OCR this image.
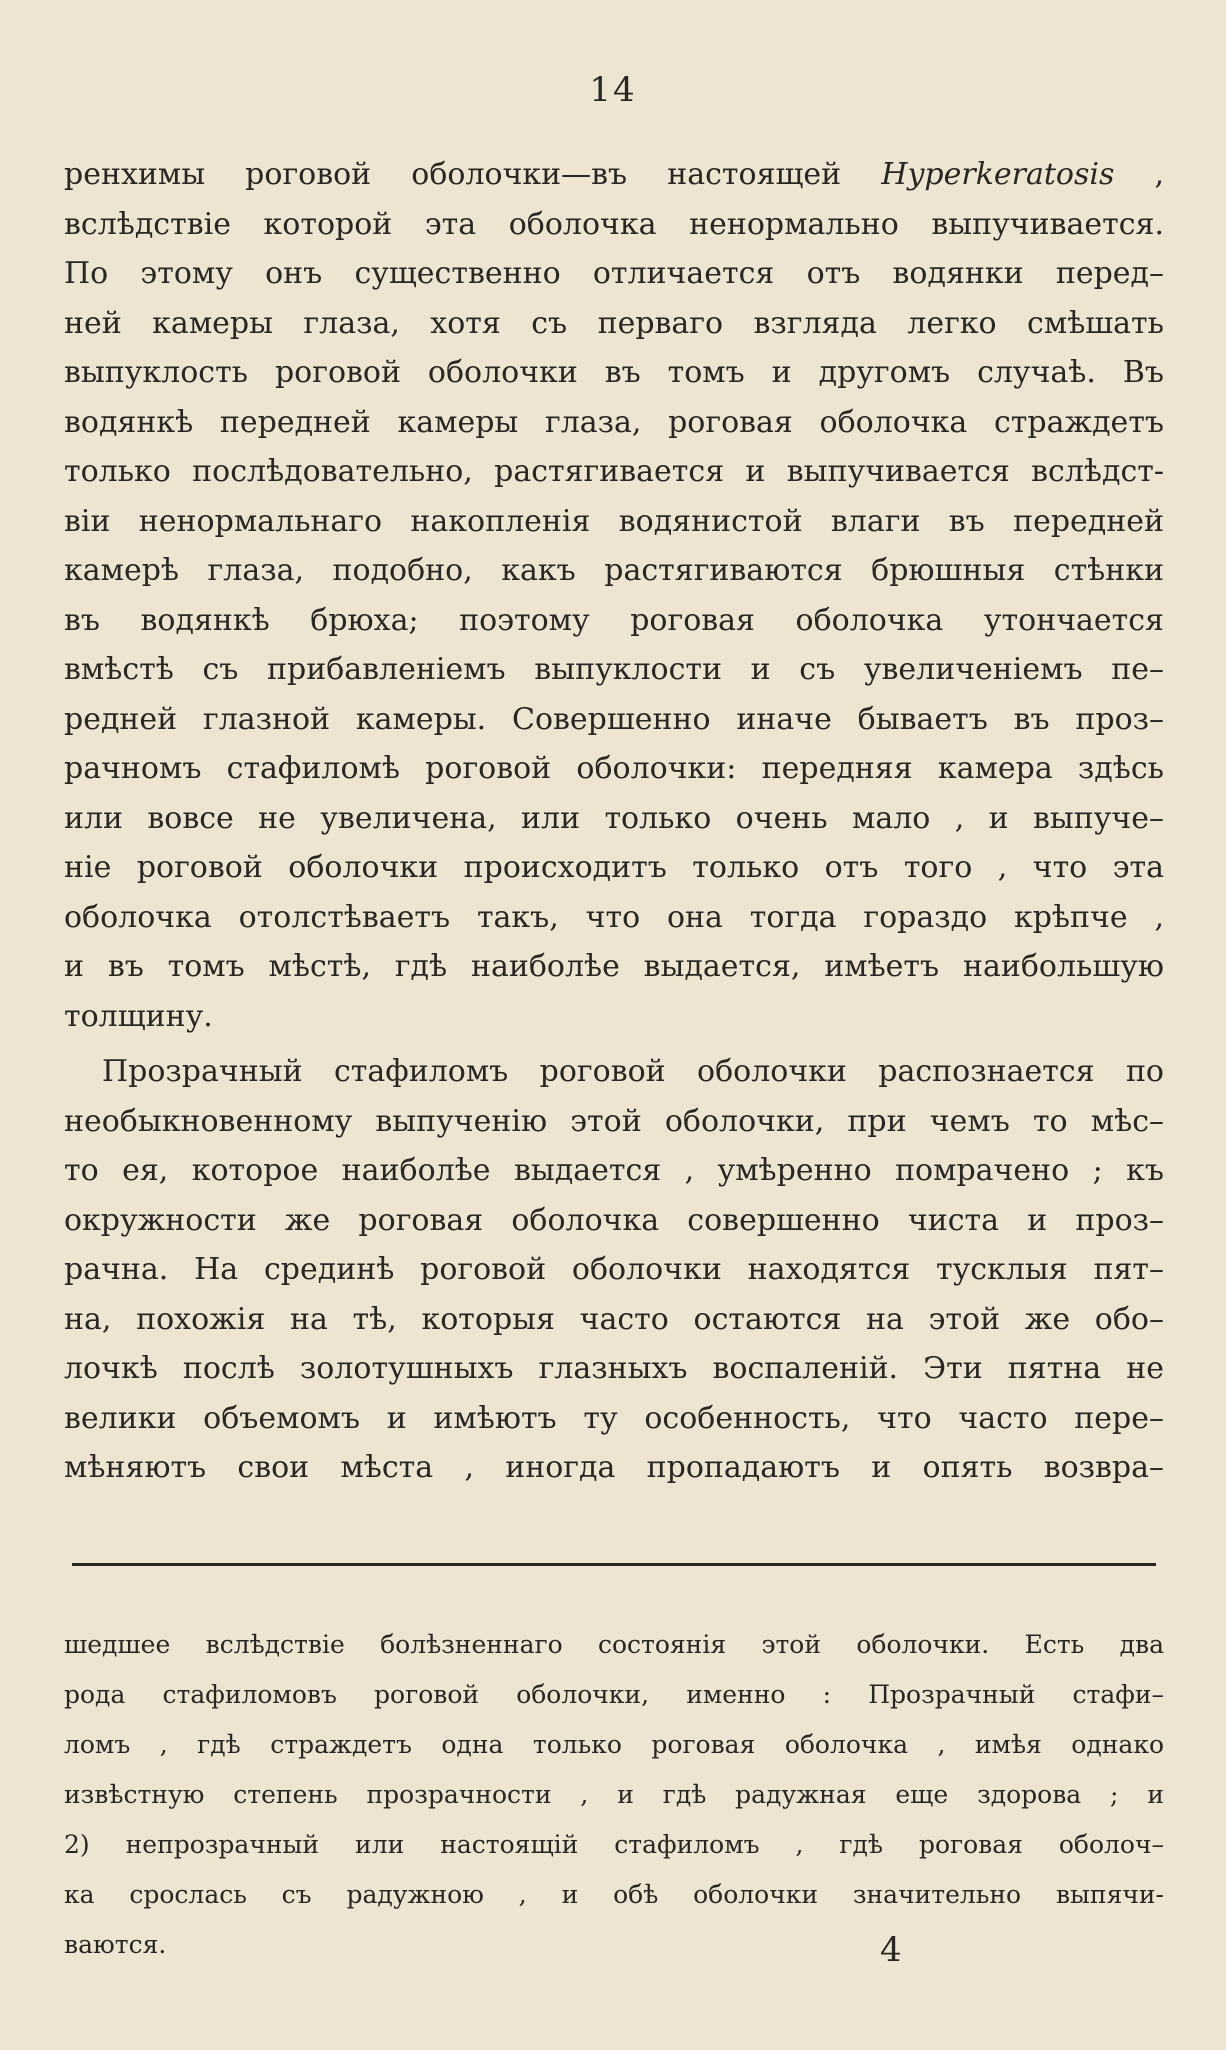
14
ренхимы роговой оболочки—въ настоящей Hyperkeratosis ,
вслѣдствіе которой эта оболочка ненормально выпучивается.
По этому онъ существенно отличается отъ водянки перед–
ней камеры глаза, хотя съ перваго взгляда легко смѣшать
выпуклость роговой оболочки въ томъ и другомъ случаѣ. Въ
водянкѣ передней камеры глаза, роговая оболочка страждетъ
только послѣдовательно, растягивается и выпучивается вслѣдст-
віи ненормальнаго накопленія водянистой влаги въ передней
камерѣ глаза, подобно, какъ растягиваются брюшныя стѣнки
въ водянкѣ брюха; поэтому роговая оболочка утончается
вмѣстѣ съ прибавленіемъ выпуклости и съ увеличеніемъ пе–
редней глазной камеры. Совершенно иначе бываетъ въ проз–
рачномъ стафиломѣ роговой оболочки: передняя камера здѣсь
или вовсе не увеличена, или только очень мало , и выпуче–
ніе роговой оболочки происходитъ только отъ того , что эта
оболочка отолстѣваетъ такъ, что она тогда гораздо крѣпче ,
и въ томъ мѣстѣ, гдѣ наиболѣе выдается, имѣетъ наибольшую
толщину.
Прозрачный стафиломъ роговой оболочки распознается по
необыкновенному выпученію этой оболочки, при чемъ то мѣс–
то ея, которое наиболѣе выдается , умѣренно помрачено ; къ
окружности же роговая оболочка совершенно чиста и проз–
рачна. На срединѣ роговой оболочки находятся тусклыя пят–
на, похожія на тѣ, которыя часто остаются на этой же обо–
лочкѣ послѣ золотушныхъ глазныхъ воспаленій. Эти пятна не
велики объемомъ и имѣютъ ту особенность, что часто пере–
мѣняютъ свои мѣста , иногда пропадаютъ и опять возвра–
шедшее вслѣдствіе болѣзненнаго состоянія этой оболочки. Есть два
рода стафиломовъ роговой оболочки, именно : Прозрачный стафи–
ломъ , гдѣ страждетъ одна только роговая оболочка , имѣя однако
извѣстную степень прозрачности , и гдѣ радужная еще здорова ; и
2) непрозрачный или настоящій стафиломъ , гдѣ роговая оболоч–
ка срослась съ радужною , и обѣ оболочки значительно выпячи-
ваются.	4
